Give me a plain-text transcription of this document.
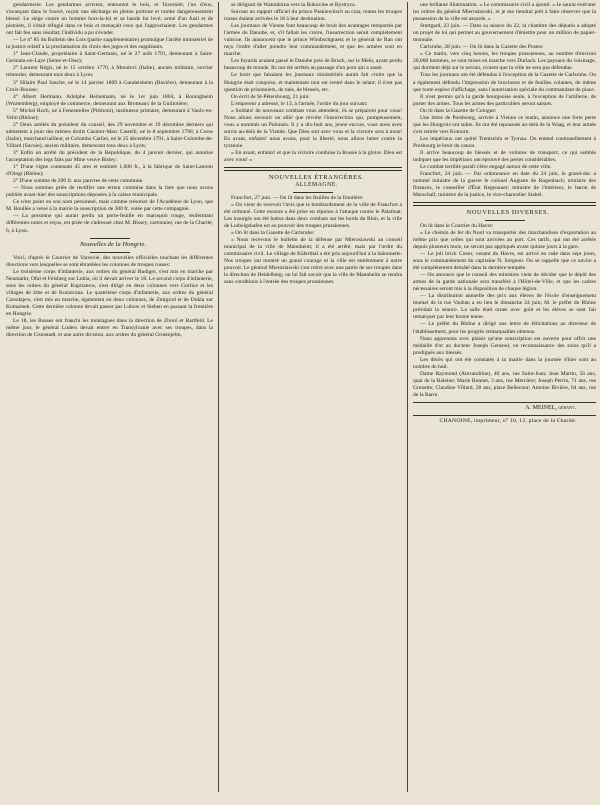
gendarmerie. Les gendarmes arrivent, entourent le bois, et Taverniér, l'un d'eux, s'avançant dans le fourré, reçoit une décharge en pleine poitrine et tombe dangereusement blessé. Le siége contre un homme hors-la-loi et sa bande fut levé; armé d'un fusil et de pistolets, il s'était réfugié dans ce bois et menaçait ceux qui l'approchaient. Les gendarmes ont fait feu sans résultat; l'individu a pu s'évader.

— Le n° 85 du Bulletin des Lois (partie supplémentaire) promulgue l'arrêté ministériel de la justice relatif à la proclamation du choix des juges et des suppléants.

1° Jean-Claude, propriétaire à Saint-Germain, né le 27 août 1791, demeurant à Saint-Germain-en-Laye (Seine-et-Oise);

2° Laurent Régis, né le 15 octobre 1770, à Mondovi (Italie), ancien militaire, ouvrier teinturier, demeurant tous deux à Lyon;

3° Hilaire Paul Sasche, né le 14 janvier 1809 à Gundelsheim (Bavière), demeurant à la Croix-Rousse;

4° Albert Hermann, Adolphe Heinemann, né le 1er juin 1804, à Bonnigheim (Wurtemberg), employé de commerce, demeurant aux Brotteaux de la Guillotière;

5° Michel Roch, né à Fenestrelles (Piémont), instituteur primaire, demeurant à Vaulx-en-Velin (Rhône);

2° Deux arrêtés du président du conseil, des 29 novembre et 19 décembre derniers qui admettent à jouir des mêmes droits Casimir-Marc Castelli, né le 8 septembre 1798, à Corse (Italie), marchand tailleur, et Colombo Carlier, né le 25 décembre 1791, à Saint-Colombe-de-Villard (Savoie), ancien militaire, demeurant tous deux à Lyon;

3° Enfin un arrêté du président de la République, du 4 janvier dernier, qui autorise l'acceptation des legs faits par Mme veuve Bisley:

1° D'une vigne contenant 45 ares et estimée 1,600 fr., à la fabrique de Saint-Laurent d'Oingt (Rhône);

2° D'une somme de 200 fr. aux pauvres de cette commune.

— Nous sommes priés de rectifier une erreur commise dans la liste que nous avons publiée avant-hier des souscriptions déposées à la caisse municipale.

Ce n'est point en son nom personnel, mais comme trésorier de l'Académie de Lyon, que M. Boullée a versé à la mairie la souscription de 300 fr. votée par cette compagnie.

— La personne qui aurait perdu un porte-feuille en maroquin rouge, renfermant différentes notes et reçus, est priée de s'adresser chez M. Bissey, cartonnier, rue de la Charité, 6, à Lyon.

Nouvelles de la Hongrie.

Voici, d'après le Courrier de Varsovie, des nouvelles officielles touchant les différentes directions vers lesquelles se sont ébranlées les colonnes de troupes russes:

Le troisième corps d'infanterie, aux ordres du général Rudiger, s'est mis en marche par Neumarkt, Ofal et Felsberg sur Lubla, où il devait arriver le 18. Le second corps d'infanterie, sous les ordres du général Kuprianow, s'est dirigé en deux colonnes vers Gorlice et les villages de Izbe et de Konieczna. Le quatrième corps d'infanterie, aux ordres du général Czeodajew, s'est mis en marche, également en deux colonnes, de Zmigrod et de Dukla sur Komarnek. Cette dernière colonne devait passer par Lubow et Sieben en passant la frontière en Hongrie.

Le 18, les Russes ont franchi les montagnes dans la direction de Zboró et Bartfeld. Le même jour, le général Luders devait entrer en Transylvanie avec ses troupes, dans la direction de Cronstadt, et une autre division, aux ordres du général Grotenjelm,

se dirigeait de Watradorna vers la Bukovine et Bystryca.

Suivant un rapport officiel du prince Paskiewitsch au czar, toutes les troupes russes étaient arrivées le 18 à leur destination.

Les journaux de Vienne font beaucoup de bruit des avantages remportés par l'armée du Danube, et, s'il fallait les croire, l'insurrection serait complétement vaincue. Ils annoncent que le prince Windischgraetz et le général de Ban ont reçu l'ordre d'aller prendre leur commandement, et que les armées sont en marche.

Les fuyards avaient passé le Danube près de Bruck, sur le Mein, ayant perdu beaucoup de monde. Ils ont été arrêtés au passage d'un pont qui a sauté.

Le bruit que faisaient les journaux ministériels aurait fait croire que la Hongrie était conquise, et maintenant tout est rentré dans le néant; il n'est pas question de prisonniers, de tués, de blessés, etc.

On écrit de St-Pétersbourg, 21 juin:

L'empereur a adressé, le 13, à l'armée, l'ordre du jour suivant:

« Soldats! de nouveaux combats vous attendent, ils se préparent pour vous! Nous allons secourir un allié que révolte l'insurrection qui, pompeusement, vous a nommés un Polonais. Il y a dix-huit ans, jeune encore, vous nous avez suivis au-delà de la Vistule. Que Dieu soit avec vous et la victoire sera à nous! En avant, enfants! nous avons, pour la liberté, nous allons lutter contre la tyrannie.

« En avant, enfants! et que la victoire conduise la Russie à la gloire. Dieu est avec vous! »

NOUVELLES ÉTRANGÈRES.

ALLEMAGNE.

Francfort, 27 juin. — On lit dans les feuilles de la frontière:

« On vient de recevoir l'avis que le bombardement de la ville de Francfort a été ordonné. Cette mesure a été prise en réponse à l'attaque contre le Palatinat. Les insurgés ont été battus dans deux combats sur les bords du Rhin, et la ville de Ludwigshafen est au pouvoir des troupes prussiennes.

« On lit dans la Gazette de Carlsruhe:

« Nous recevons le bulletin de la défense par Mieroslawski au conseil municipal de la ville de Mannheim; il a été arrêté, mais par l'ordre du commissaire civil. Le village de Käferthal a été pris aujourd'hui à la baïonnette. Nos troupes ont montré un grand courage et la ville est entièrement à notre pouvoir. Le général Mieroslawski s'est retiré avec une partie de ses troupes dans la direction de Heidelberg; on lui fait savoir que la ville de Mannheim se rendra sans conditions à l'entrée des troupes prussiennes.

une brillante illumination. « Le commissaire civil a ajouté: « Je saurai exécuter les ordres du général Mieroslawski, et je me tiendrai prêt à faire observer que la possession de la ville est assurée. »

Stuttgard, 23 juin. — Dans sa séance du 22, la chambre des députés a adopté un projet de loi qui permet au gouvernement d'émettre pour un million de papier-monnaie.

Carlsruhe, 28 juin. — On lit dans la Gazette des Postes:

« Ce matin, vers cinq heures, les troupes prussiennes, au nombre d'environ 20,000 hommes, se sont mises en marche vers Durlach. Les paysans du voisinage, qui dorment déjà sur le terrain, croient que la ville ne sera pas défendue.

Tous les journaux ont été défendus à l'exception de la Gazette de Carlsruhe. On a également défendu l'impression de brochures et de feuilles volantes, de même que toute espèce d'affichage, sans l'autorisation spéciale du commandant de place.

Il n'est permis qu'à la garde bourgeoise seule, à l'exception de l'artillerie, de porter des armes. Tous les armes des particuliers seront saisies.

On lit dans la Gazette de Cologne:

Une lettre de Presbourg, arrivée à Vienne ce matin, annonce une forte perte que les Hongrois ont subie. Ils ont été repoussés au-delà de la Waag, et leur armée s'est retirée vers Komorn.

Les impériaux ont quitté Trentschin et Tyrnau. On entend continuellement à Presbourg le bruit du canon.

Il arrive beaucoup de blessés et de voitures de transport; ce qui semble indiquer que les impériaux ont éprouvé des pertes considérables.

Le combat terrible paraît s'être engagé autour de cette ville.

Francfort, 24 juin. — Par ordonnance en date du 24 juin, le grand-duc a nommé ministre de la guerre le colonel Auguste de Rogenbach; ministre des finances, le conseiller d'État Regenauer; ministre de l'intérieur, le baron de Marschall; ministre de la justice, le vice-chancelier Stabel.

NOUVELLES DIVERSES.

On lit dans le Courrier du Havre:

« Le chemin de fer du Nord va transporter des marchandises d'exportation au même prix que celles qui sont arrivées au port. Ces tarifs, qui ont été arrêtés depuis plusieurs mois, ne seront pas appliqués avant quinze jours à la gare.

— Le joli brick Coeur, venant du Havre, est arrivé en rade dans sept jours, sous le commandement du capitaine N. Sorgeon. On se rappelle que ce navire a été complètement démâté dans la dernière tempête.

— On annonce que le conseil des ministres vient de décider que le dépôt des armes de la garde nationale sera transféré à l'Hôtel-de-Ville, et que les cadres nécessaires seront mis à la disposition de chaque légion.

— La distribution annuelle des prix aux élèves de l'école d'enseignement mutuel de la rue Vauban a eu lieu le dimanche 24 juin; M. le préfet du Rhône présidait la séance. La salle était ornée avec goût et les élèves se sont fait remarquer par leur bonne tenue.

— Le préfet du Rhône a dirigé une lettre de félicitations au directeur de l'établissement, pour les progrès remarquables obtenus.

Nous apprenons avec plaisir qu'une souscription est ouverte pour offrir une médaille d'or au docteur Joseph Gensoul, en reconnaissance des soins qu'il a prodigués aux blessés.

Les décès qui ont été constatés à la mairie dans la journée d'hier sont au nombre de huit.

Dame Raymond (Alexandrine), 40 ans, rue Saint-Jean; Jean Martin, 56 ans, quai de la Baleine; Marie Bonnet, 3 ans, rue Mercière; Joseph Perrin, 71 ans, rue Grenette; Claudine Villard, 28 ans, place Bellecour; Antoine Rivière, 64 ans, rue de la Barre.

A. MEINEL, gérant.

CHANOINE, imprimeur, n° 10, 12, place de la Charité.
